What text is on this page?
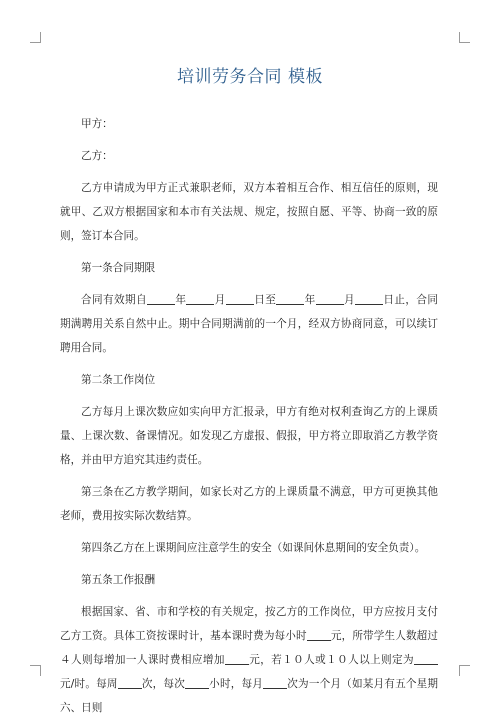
培训劳务合同 模板

甲方：

乙方：

乙方申请成为甲方正式兼职老师，双方本着相互合作、相互信任的原则，现就甲、乙双方根据国家和本市有关法规、规定，按照自愿、平等、协商一致的原则，签订本合同。

第一条合同期限

合同有效期自	年	月	日至	年	月	日止，合同期满聘用关系自然中止。期中合同期满前的一个月，经双方协商同意，可以续订聘用合同。

第二条工作岗位

乙方每月上课次数应如实向甲方汇报录，甲方有绝对权利查询乙方的上课质量、上课次数、备课情况。如发现乙方虚报、假报，甲方将立即取消乙方教学资格，并由甲方追究其违约责任。

第三条在乙方教学期间，如家长对乙方的上课质量不满意，甲方可更换其他老师，费用按实际次数结算。

第四条乙方在上课期间应注意学生的安全（如课间休息期间的安全负责）。

第五条工作报酬

根据国家、省、市和学校的有关规定，按乙方的工作岗位，甲方应按月支付乙方工资。具体工资按课时计，基本课时费为每小时 元，所带学生人数超过４人则每增加一人课时费相应增加 元，若１０人或１０人以上则定为元/时。每周 次，每次 小时，每月 次为一个月（如某月有五个星期六、日则
